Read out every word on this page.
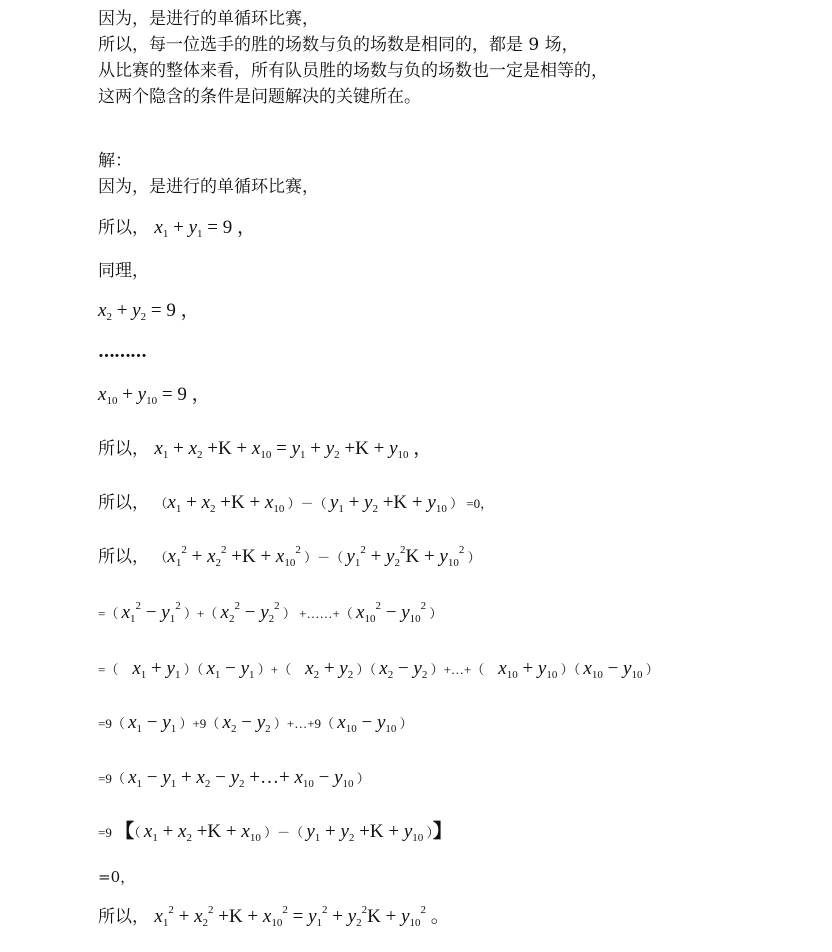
因为，是进行的单循环比赛，
所以，每一位选手的胜的场数与负的场数是相同的，都是 9 场，
从比赛的整体来看，所有队员胜的场数与负的场数也一定是相等的，
这两个隐含的条件是问题解决的关键所在。
解：
因为，是进行的单循环比赛，
所以， $x_1 + y_1 = 9$ ，
同理，
$x_2 + y_2 = 9$ ，
………
$x_{10} + y_{10} = 9$ ，
所以， $x_1 + x_2 +K + x_{10} = y_1 + y_2 +K + y_{10}$ ，
所以， （$x_1 + x_2 +K + x_{10}$ ）－（ $y_1 + y_2 +K + y_{10}$ ） =0，
所以， （$x_1^2 + x_2^2 +K + x_{10}^2$ ）－（ $y_1^2 + y_2^2K + y_{10}^2$ ）
=（ $x_1^2 - y_1^2$ ）+（ $x_2^2 - y_2^2$ ） +……+（ $x_{10}^2 - y_{10}^2$ ）
=（ $x_1 + y_1$ ）（ $x_1 - y_1$ ）+（ $x_2 + y_2$ ）（ $x_2 - y_2$ ）+…+（ $x_{10} + y_{10}$ ）（ $x_{10} - y_{10}$ ）
=9（ $x_1 - y_1$ ）+9（ $x_2 - y_2$ ）+…+9（ $x_{10} - y_{10}$ ）
=9（ $x_1 - y_1 + x_2 - y_2$ +…+ $x_{10} - y_{10}$ ）
=9 【（ $x_1 + x_2 +K + x_{10}$ ）－（ $y_1 + y_2 +K + y_{10}$ ）】
=0，
所以， $x_1^2 + x_2^2 +K + x_{10}^2 = y_1^2 + y_2^2K + y_{10}^2$ 。
